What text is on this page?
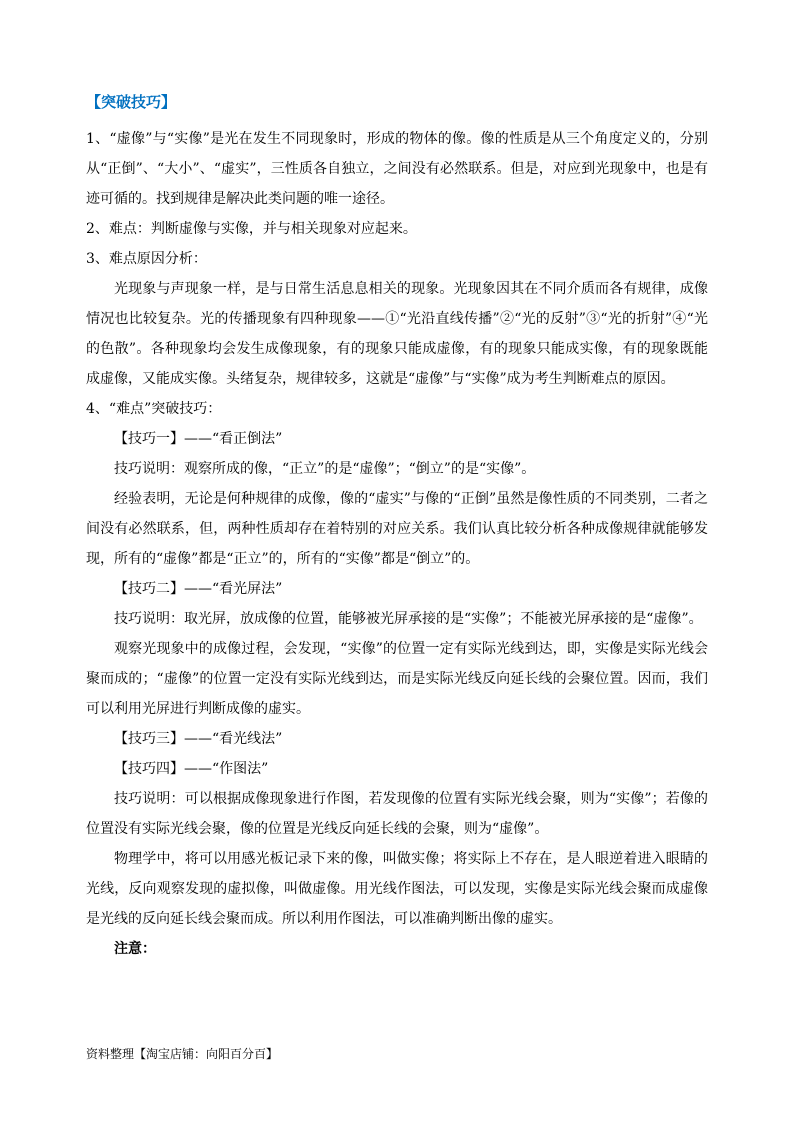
【突破技巧】

1、“虚像”与“实像”是光在发生不同现象时，形成的物体的像。像的性质是从三个角度定义的，分别从“正倒”、“大小”、“虚实”，三性质各自独立，之间没有必然联系。但是，对应到光现象中，也是有迹可循的。找到规律是解决此类问题的唯一途径。

2、难点：判断虚像与实像，并与相关现象对应起来。

3、难点原因分析：

光现象与声现象一样，是与日常生活息息相关的现象。光现象因其在不同介质而各有规律，成像情况也比较复杂。光的传播现象有四种现象——①“光沿直线传播”②“光的反射”③“光的折射”④“光的色散”。各种现象均会发生成像现象，有的现象只能成虚像，有的现象只能成实像，有的现象既能成虚像，又能成实像。头绪复杂，规律较多，这就是“虚像”与“实像”成为考生判断难点的原因。

4、“难点”突破技巧：

【技巧一】——“看正倒法”

技巧说明：观察所成的像，“正立”的是“虚像”；“倒立”的是“实像”。

经验表明，无论是何种规律的成像，像的“虚实”与像的“正倒”虽然是像性质的不同类别，二者之间没有必然联系，但，两种性质却存在着特别的对应关系。我们认真比较分析各种成像规律就能够发现，所有的“虚像”都是“正立”的，所有的“实像”都是“倒立”的。

【技巧二】——“看光屏法”

技巧说明：取光屏，放成像的位置，能够被光屏承接的是“实像”；不能被光屏承接的是“虚像”。

观察光现象中的成像过程，会发现，“实像”的位置一定有实际光线到达，即，实像是实际光线会聚而成的；“虚像”的位置一定没有实际光线到达，而是实际光线反向延长线的会聚位置。因而，我们可以利用光屏进行判断成像的虚实。

【技巧三】——“看光线法”

【技巧四】——“作图法”

技巧说明：可以根据成像现象进行作图，若发现像的位置有实际光线会聚，则为“实像”；若像的位置没有实际光线会聚，像的位置是光线反向延长线的会聚，则为“虚像”。

物理学中，将可以用感光板记录下来的像，叫做实像；将实际上不存在，是人眼逆着进入眼睛的光线，反向观察发现的虚拟像，叫做虚像。用光线作图法，可以发现，实像是实际光线会聚而成虚像是光线的反向延长线会聚而成。所以利用作图法，可以准确判断出像的虚实。

注意：

资料整理【淘宝店铺：向阳百分百】
